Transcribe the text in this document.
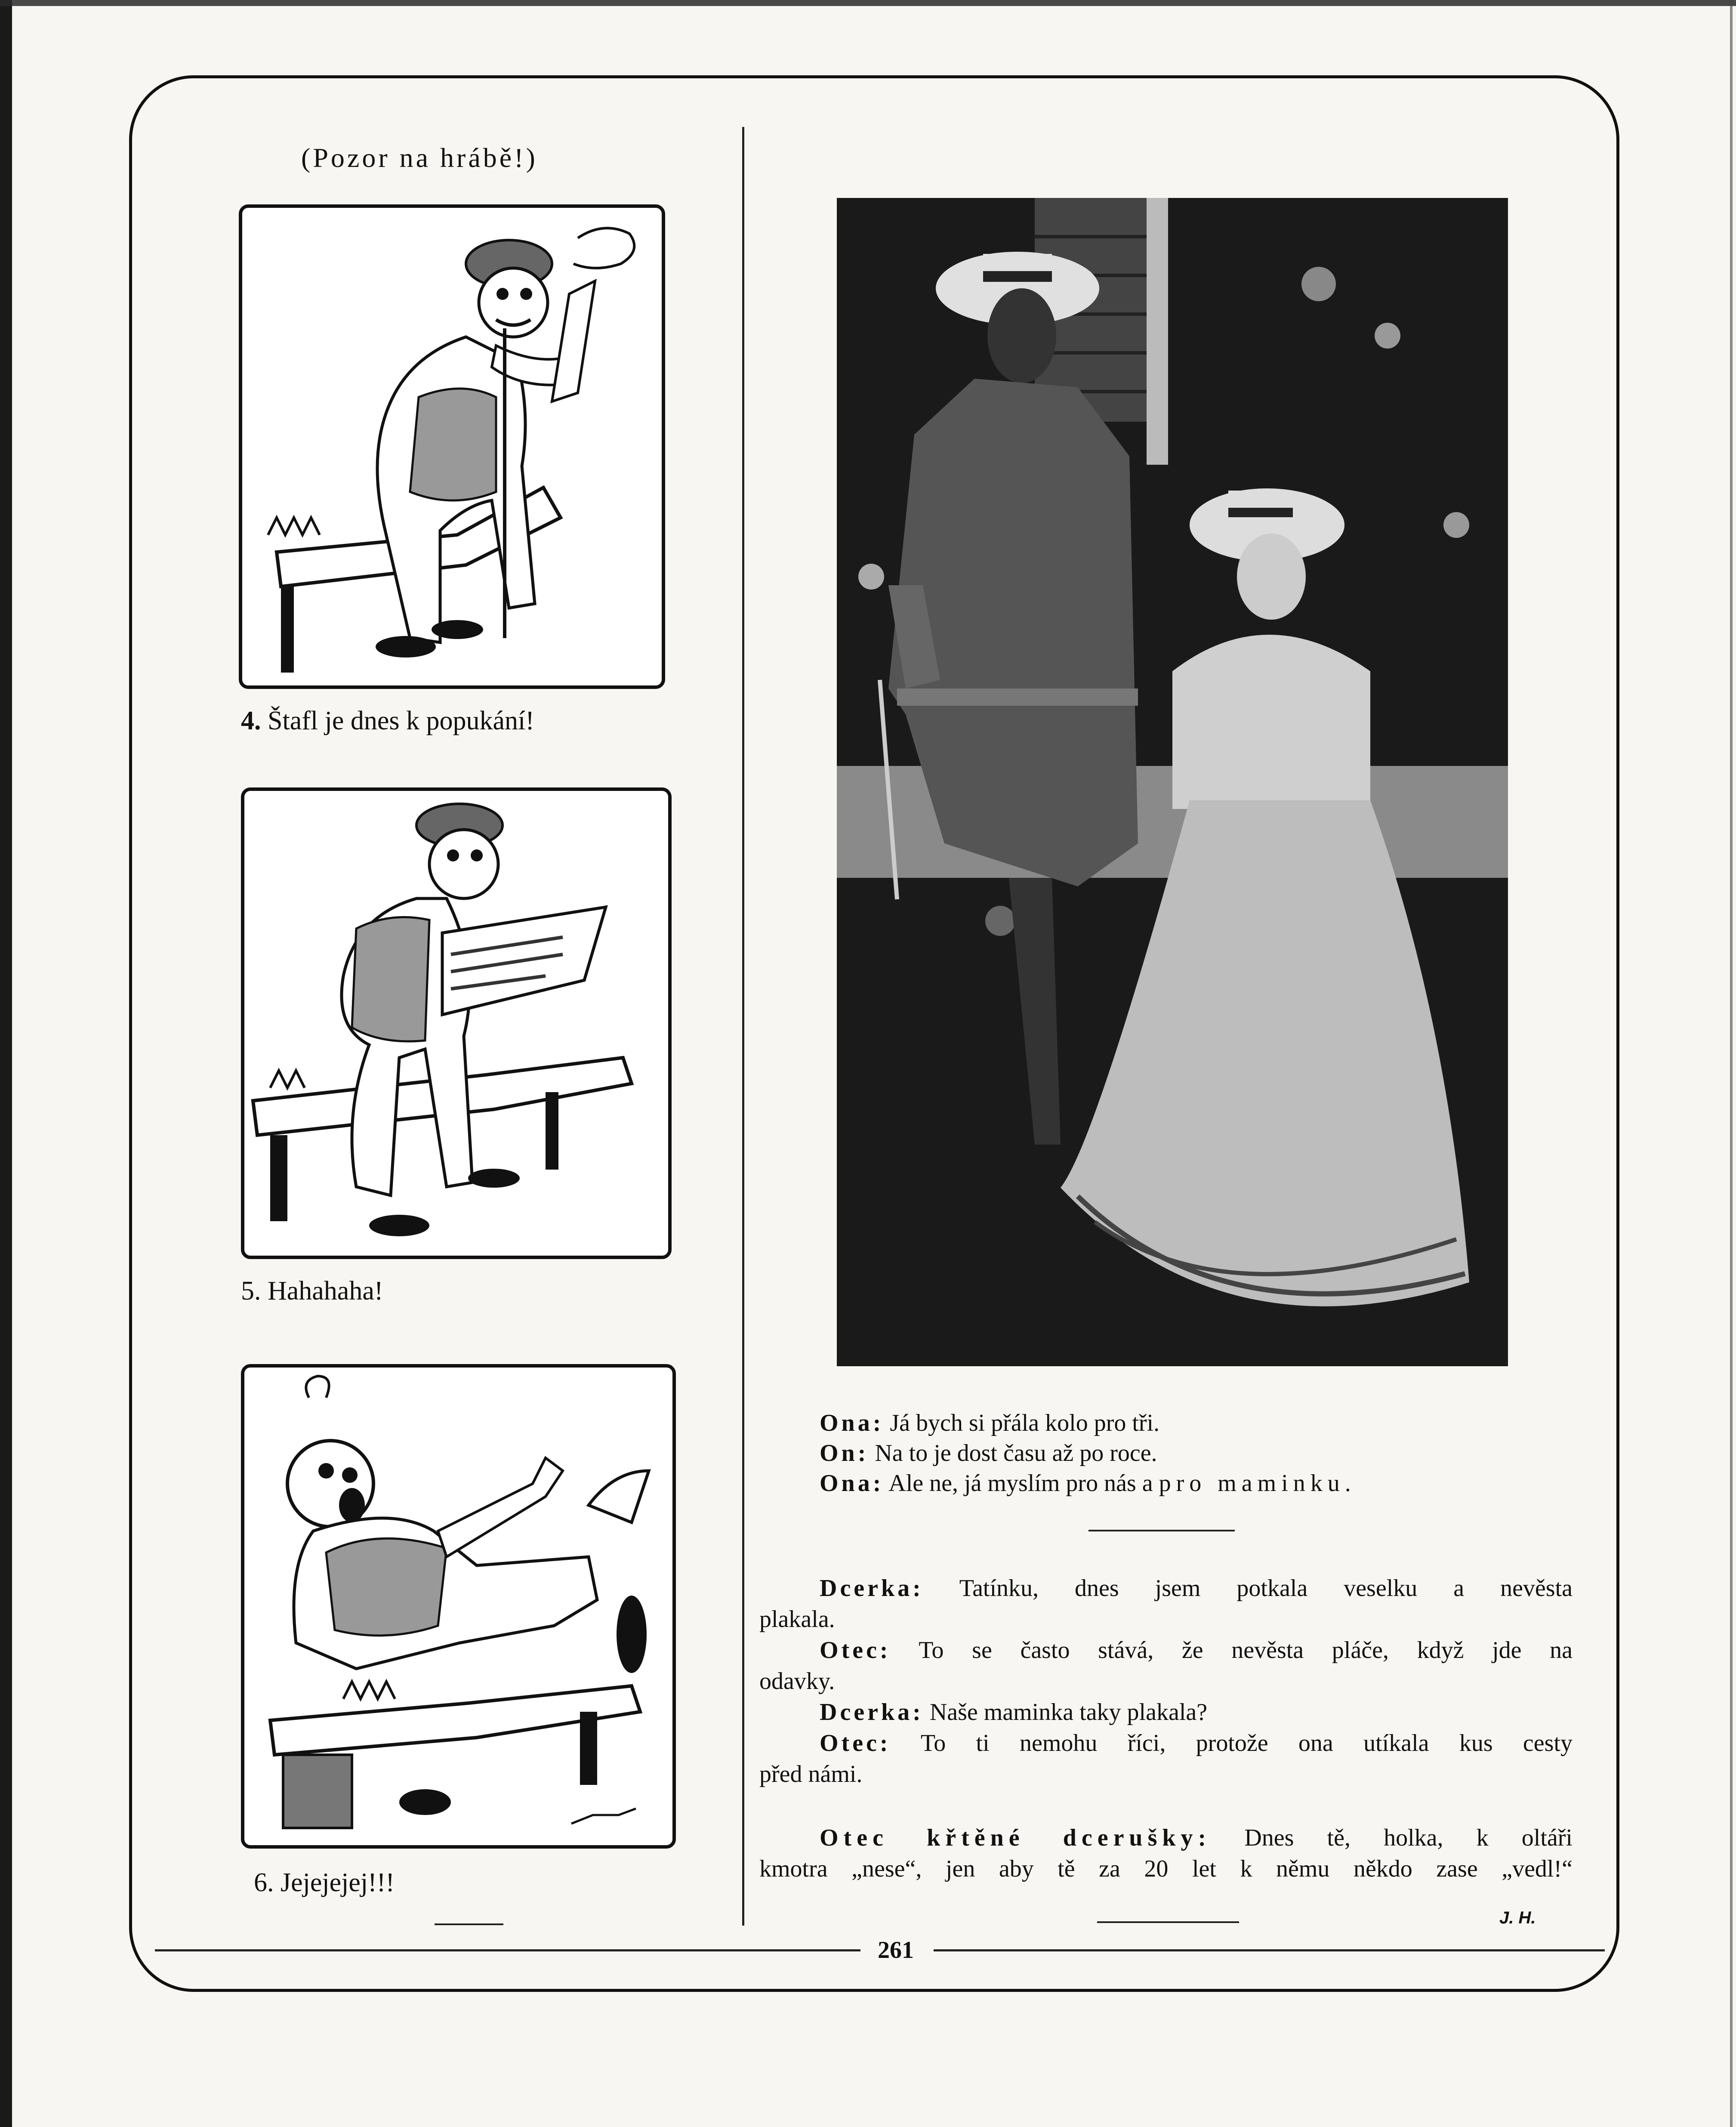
(Pozor na hrábě!)
4. Štafl je dnes k popukání!
5. Hahahaha!
6. Jejejejej!!!
Ona: Já bych si přála kolo pro tři.
On: Na to je dost času až po roce.
Ona: Ale ne, já myslím pro nás a pro maminku.
Dcerka: Tatínku, dnes jsem potkala veselku a nevěsta
plakala.
Otec: To se často stává, že nevěsta pláče, když jde na
odavky.
Dcerka: Naše maminka taky plakala?
Otec: To ti nemohu říci, protože ona utíkala kus cesty
před námi.
Otec křtěné dcerušky: Dnes tě, holka, k oltáři
kmotra „nese“, jen aby tě za 20 let k němu někdo zase „vedl!“
J. H.
261
